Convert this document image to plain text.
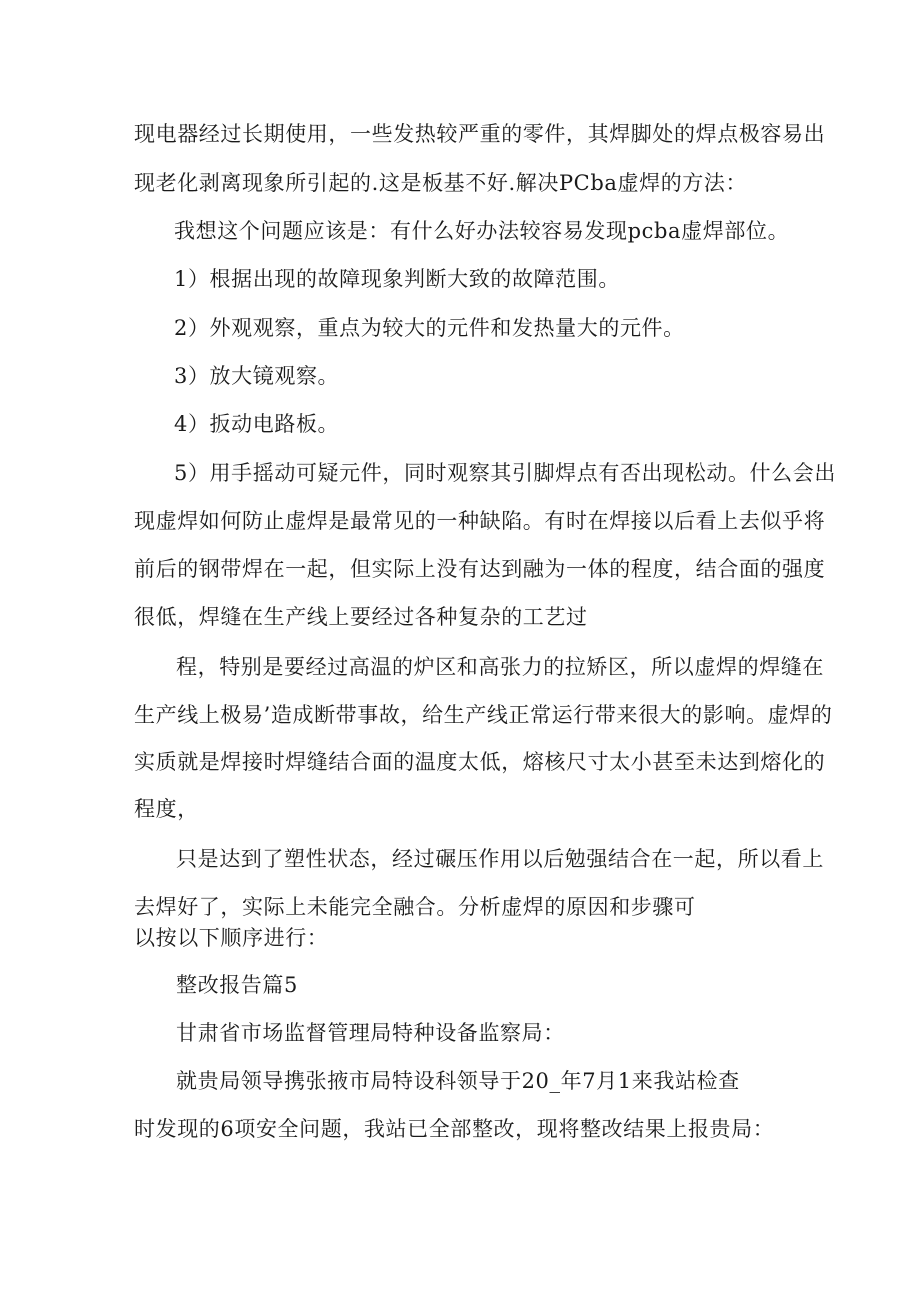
现电器经过长期使用，一些发热较严重的零件，其焊脚处的焊点极容易出
现老化剥离现象所引起的.这是板基不好.解决PCba虚焊的方法：
我想这个问题应该是：有什么好办法较容易发现pcba虚焊部位。
1）根据出现的故障现象判断大致的故障范围。
2）外观观察，重点为较大的元件和发热量大的元件。
3）放大镜观察。
4）扳动电路板。
5）用手摇动可疑元件，同时观察其引脚焊点有否出现松动。什么会出
现虚焊如何防止虚焊是最常见的一种缺陷。有时在焊接以后看上去似乎将
前后的钢带焊在一起，但实际上没有达到融为一体的程度，结合面的强度
很低，焊缝在生产线上要经过各种复杂的工艺过
程，特别是要经过高温的炉区和高张力的拉矫区，所以虚焊的焊缝在
生产线上极易’造成断带事故，给生产线正常运行带来很大的影响。虚焊的
实质就是焊接时焊缝结合面的温度太低，熔核尺寸太小甚至未达到熔化的
程度，
只是达到了塑性状态，经过碾压作用以后勉强结合在一起，所以看上
去焊好了，实际上未能完全融合。分析虚焊的原因和步骤可
以按以下顺序进行：
整改报告篇5
甘肃省市场监督管理局特种设备监察局：
就贵局领导携张掖市局特设科领导于20_年7月1来我站检查
时发现的6项安全问题，我站已全部整改，现将整改结果上报贵局：
